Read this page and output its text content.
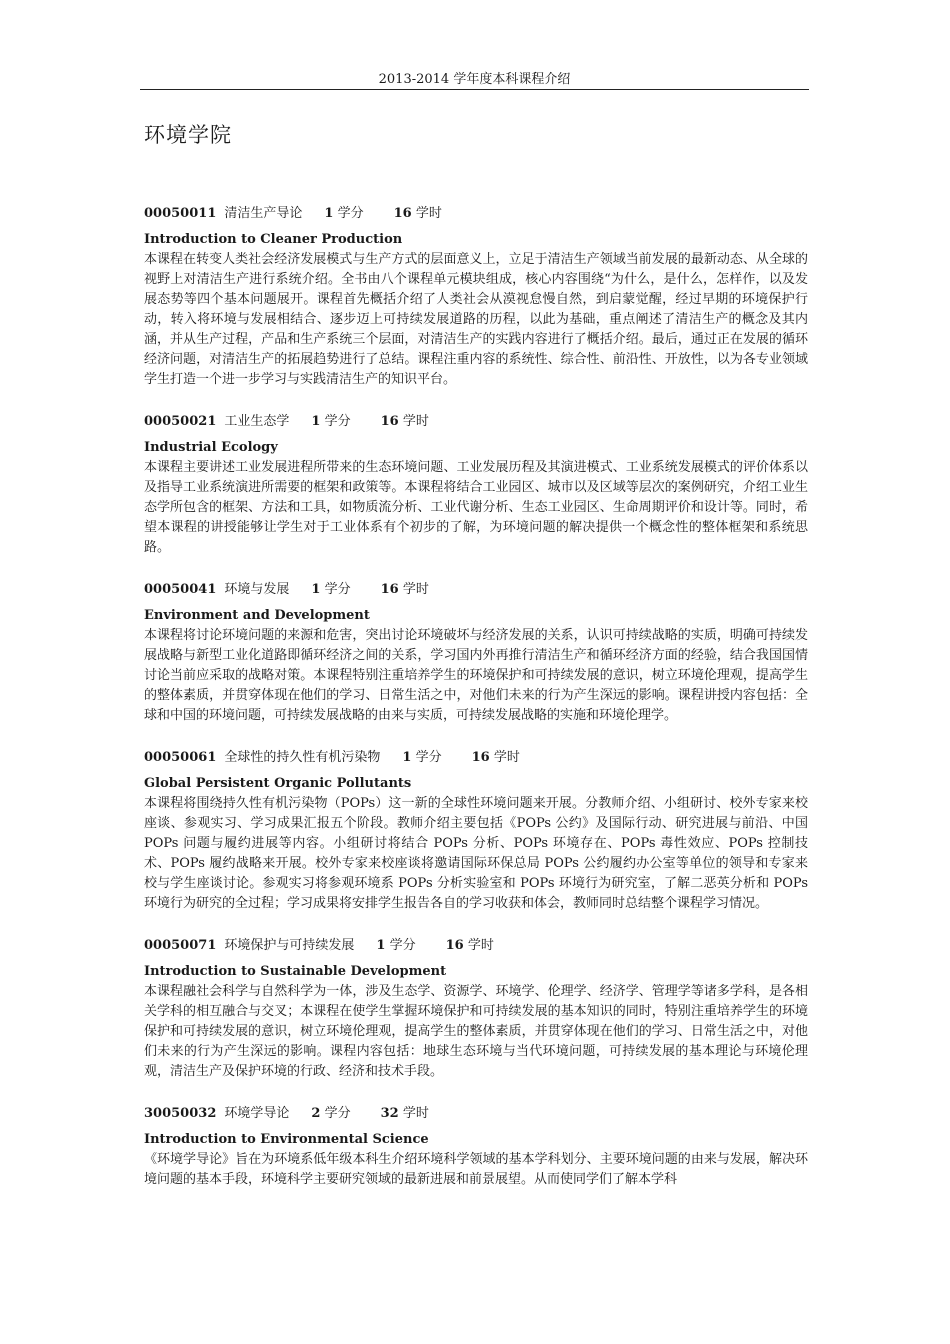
2013-2014 学年度本科课程介绍
环境学院
00050011 清洁生产导论 1 学分 16 学时
Introduction to Cleaner Production

本课程在转变人类社会经济发展模式与生产方式的层面意义上，立足于清洁生产领域当前发展的最新动态、从全球的视野上对清洁生产进行系统介绍。全书由八个课程单元模块组成，核心内容围绕“为什么，是什么，怎样作，以及发展态势等四个基本问题展开。课程首先概括介绍了人类社会从漠视怠慢自然，到启蒙觉醒，经过早期的环境保护行动，转入将环境与发展相结合、逐步迈上可持续发展道路的历程，以此为基础，重点阐述了清洁生产的概念及其内涵，并从生产过程，产品和生产系统三个层面，对清洁生产的实践内容进行了概括介绍。最后，通过正在发展的循环经济问题，对清洁生产的拓展趋势进行了总结。课程注重内容的系统性、综合性、前沿性、开放性，以为各专业领域学生打造一个进一步学习与实践清洁生产的知识平台。

00050021 工业生态学 1 学分 16 学时
Industrial Ecology

本课程主要讲述工业发展进程所带来的生态环境问题、工业发展历程及其演进模式、工业系统发展模式的评价体系以及指导工业系统演进所需要的框架和政策等。本课程将结合工业园区、城市以及区域等层次的案例研究，介绍工业生态学所包含的框架、方法和工具，如物质流分析、工业代谢分析、生态工业园区、生命周期评价和设计等。同时，希望本课程的讲授能够让学生对于工业体系有个初步的了解，为环境问题的解决提供一个概念性的整体框架和系统思路。

00050041 环境与发展 1 学分 16 学时
Environment and Development

本课程将讨论环境问题的来源和危害，突出讨论环境破坏与经济发展的关系，认识可持续战略的实质，明确可持续发展战略与新型工业化道路即循环经济之间的关系，学习国内外再推行清洁生产和循环经济方面的经验，结合我国国情讨论当前应采取的战略对策。本课程特别注重培养学生的环境保护和可持续发展的意识，树立环境伦理观，提高学生的整体素质，并贯穿体现在他们的学习、日常生活之中，对他们未来的行为产生深远的影响。课程讲授内容包括：全球和中国的环境问题，可持续发展战略的由来与实质，可持续发展战略的实施和环境伦理学。

00050061 全球性的持久性有机污染物 1 学分 16 学时
Global Persistent Organic Pollutants

本课程将围绕持久性有机污染物（POPs）这一新的全球性环境问题来开展。分教师介绍、小组研讨、校外专家来校座谈、参观实习、学习成果汇报五个阶段。教师介绍主要包括《POPs 公约》及国际行动、研究进展与前沿、中国 POPs 问题与履约进展等内容。小组研讨将结合 POPs 分析、POPs 环境存在、POPs 毒性效应、POPs 控制技术、POPs 履约战略来开展。校外专家来校座谈将邀请国际环保总局 POPs 公约履约办公室等单位的领导和专家来校与学生座谈讨论。参观实习将参观环境系 POPs 分析实验室和 POPs 环境行为研究室，了解二恶英分析和 POPs 环境行为研究的全过程；学习成果将安排学生报告各自的学习收获和体会，教师同时总结整个课程学习情况。

00050071 环境保护与可持续发展 1 学分 16 学时
Introduction to Sustainable Development

本课程融社会科学与自然科学为一体，涉及生态学、资源学、环境学、伦理学、经济学、管理学等诸多学科，是各相关学科的相互融合与交叉；本课程在使学生掌握环境保护和可持续发展的基本知识的同时，特别注重培养学生的环境保护和可持续发展的意识，树立环境伦理观，提高学生的整体素质，并贯穿体现在他们的学习、日常生活之中，对他们未来的行为产生深远的影响。课程内容包括：地球生态环境与当代环境问题，可持续发展的基本理论与环境伦理观，清洁生产及保护环境的行政、经济和技术手段。

30050032 环境学导论 2 学分 32 学时
Introduction to Environmental Science

《环境学导论》旨在为环境系低年级本科生介绍环境科学领域的基本学科划分、主要环境问题的由来与发展，解决环境问题的基本手段，环境科学主要研究领域的最新进展和前景展望。从而使同学们了解本学科
